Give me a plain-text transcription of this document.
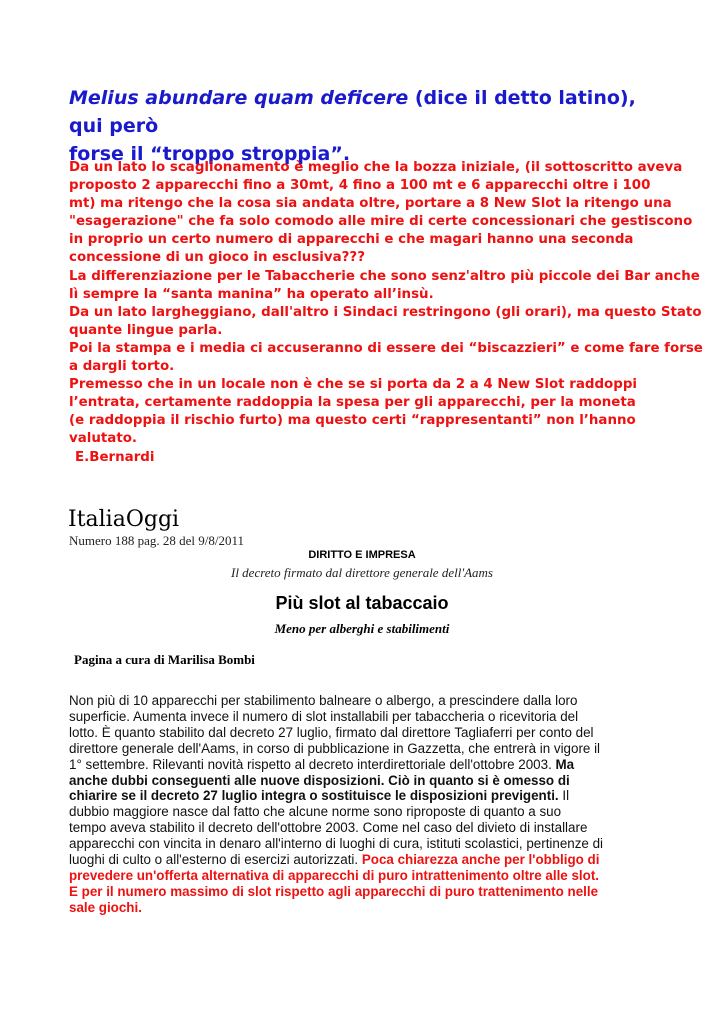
Melius abundare quam deficere (dice il detto latino), qui però
forse il “troppo stroppia”.
Da un lato lo scaglionamento è meglio che la bozza iniziale, (il sottoscritto aveva
proposto 2 apparecchi fino a 30mt, 4 fino a 100 mt e 6 apparecchi oltre i 100
mt) ma ritengo che la cosa sia andata oltre, portare a 8 New Slot la ritengo una
"esagerazione" che fa solo comodo alle mire di certe concessionari che gestiscono
in proprio un certo numero di apparecchi e che magari hanno una seconda
concessione di un gioco in esclusiva???
La differenziazione per le Tabaccherie che sono senz'altro più piccole dei Bar anche
lì sempre la “santa manina” ha operato all’insù.
Da un lato largheggiano, dall'altro i Sindaci restringono (gli orari), ma questo Stato
quante lingue parla.
Poi la stampa e i media ci accuseranno di essere dei “biscazzieri” e come fare forse
a dargli torto.
Premesso che in un locale non è che se si porta da 2 a 4 New Slot raddoppi
l’entrata, certamente raddoppia la spesa per gli apparecchi, per la moneta
(e raddoppia il rischio furto) ma questo certi “rappresentanti” non l’hanno
valutato.
E.Bernardi
ItaliaOggi
Numero 188 pag. 28 del 9/8/2011
DIRITTO E IMPRESA
Il decreto firmato dal direttore generale dell'Aams
Più slot al tabaccaio
Meno per alberghi e stabilimenti
Pagina a cura di Marilisa Bombi
Non più di 10 apparecchi per stabilimento balneare o albergo, a prescindere dalla loro
superficie. Aumenta invece il numero di slot installabili per tabaccheria o ricevitoria del
lotto. È quanto stabilito dal decreto 27 luglio, firmato dal direttore Tagliaferri per conto del
direttore generale dell'Aams, in corso di pubblicazione in Gazzetta, che entrerà in vigore il
1° settembre. Rilevanti novità rispetto al decreto interdirettoriale dell'ottobre 2003. Ma
anche dubbi conseguenti alle nuove disposizioni. Ciò in quanto si è omesso di
chiarire se il decreto 27 luglio integra o sostituisce le disposizioni previgenti. Il
dubbio maggiore nasce dal fatto che alcune norme sono riproposte di quanto a suo
tempo aveva stabilito il decreto dell'ottobre 2003. Come nel caso del divieto di installare
apparecchi con vincita in denaro all'interno di luoghi di cura, istituti scolastici, pertinenze di
luoghi di culto o all'esterno di esercizi autorizzati. Poca chiarezza anche per l'obbligo di
prevedere un'offerta alternativa di apparecchi di puro intrattenimento oltre alle slot.
E per il numero massimo di slot rispetto agli apparecchi di puro trattenimento nelle
sale giochi.
